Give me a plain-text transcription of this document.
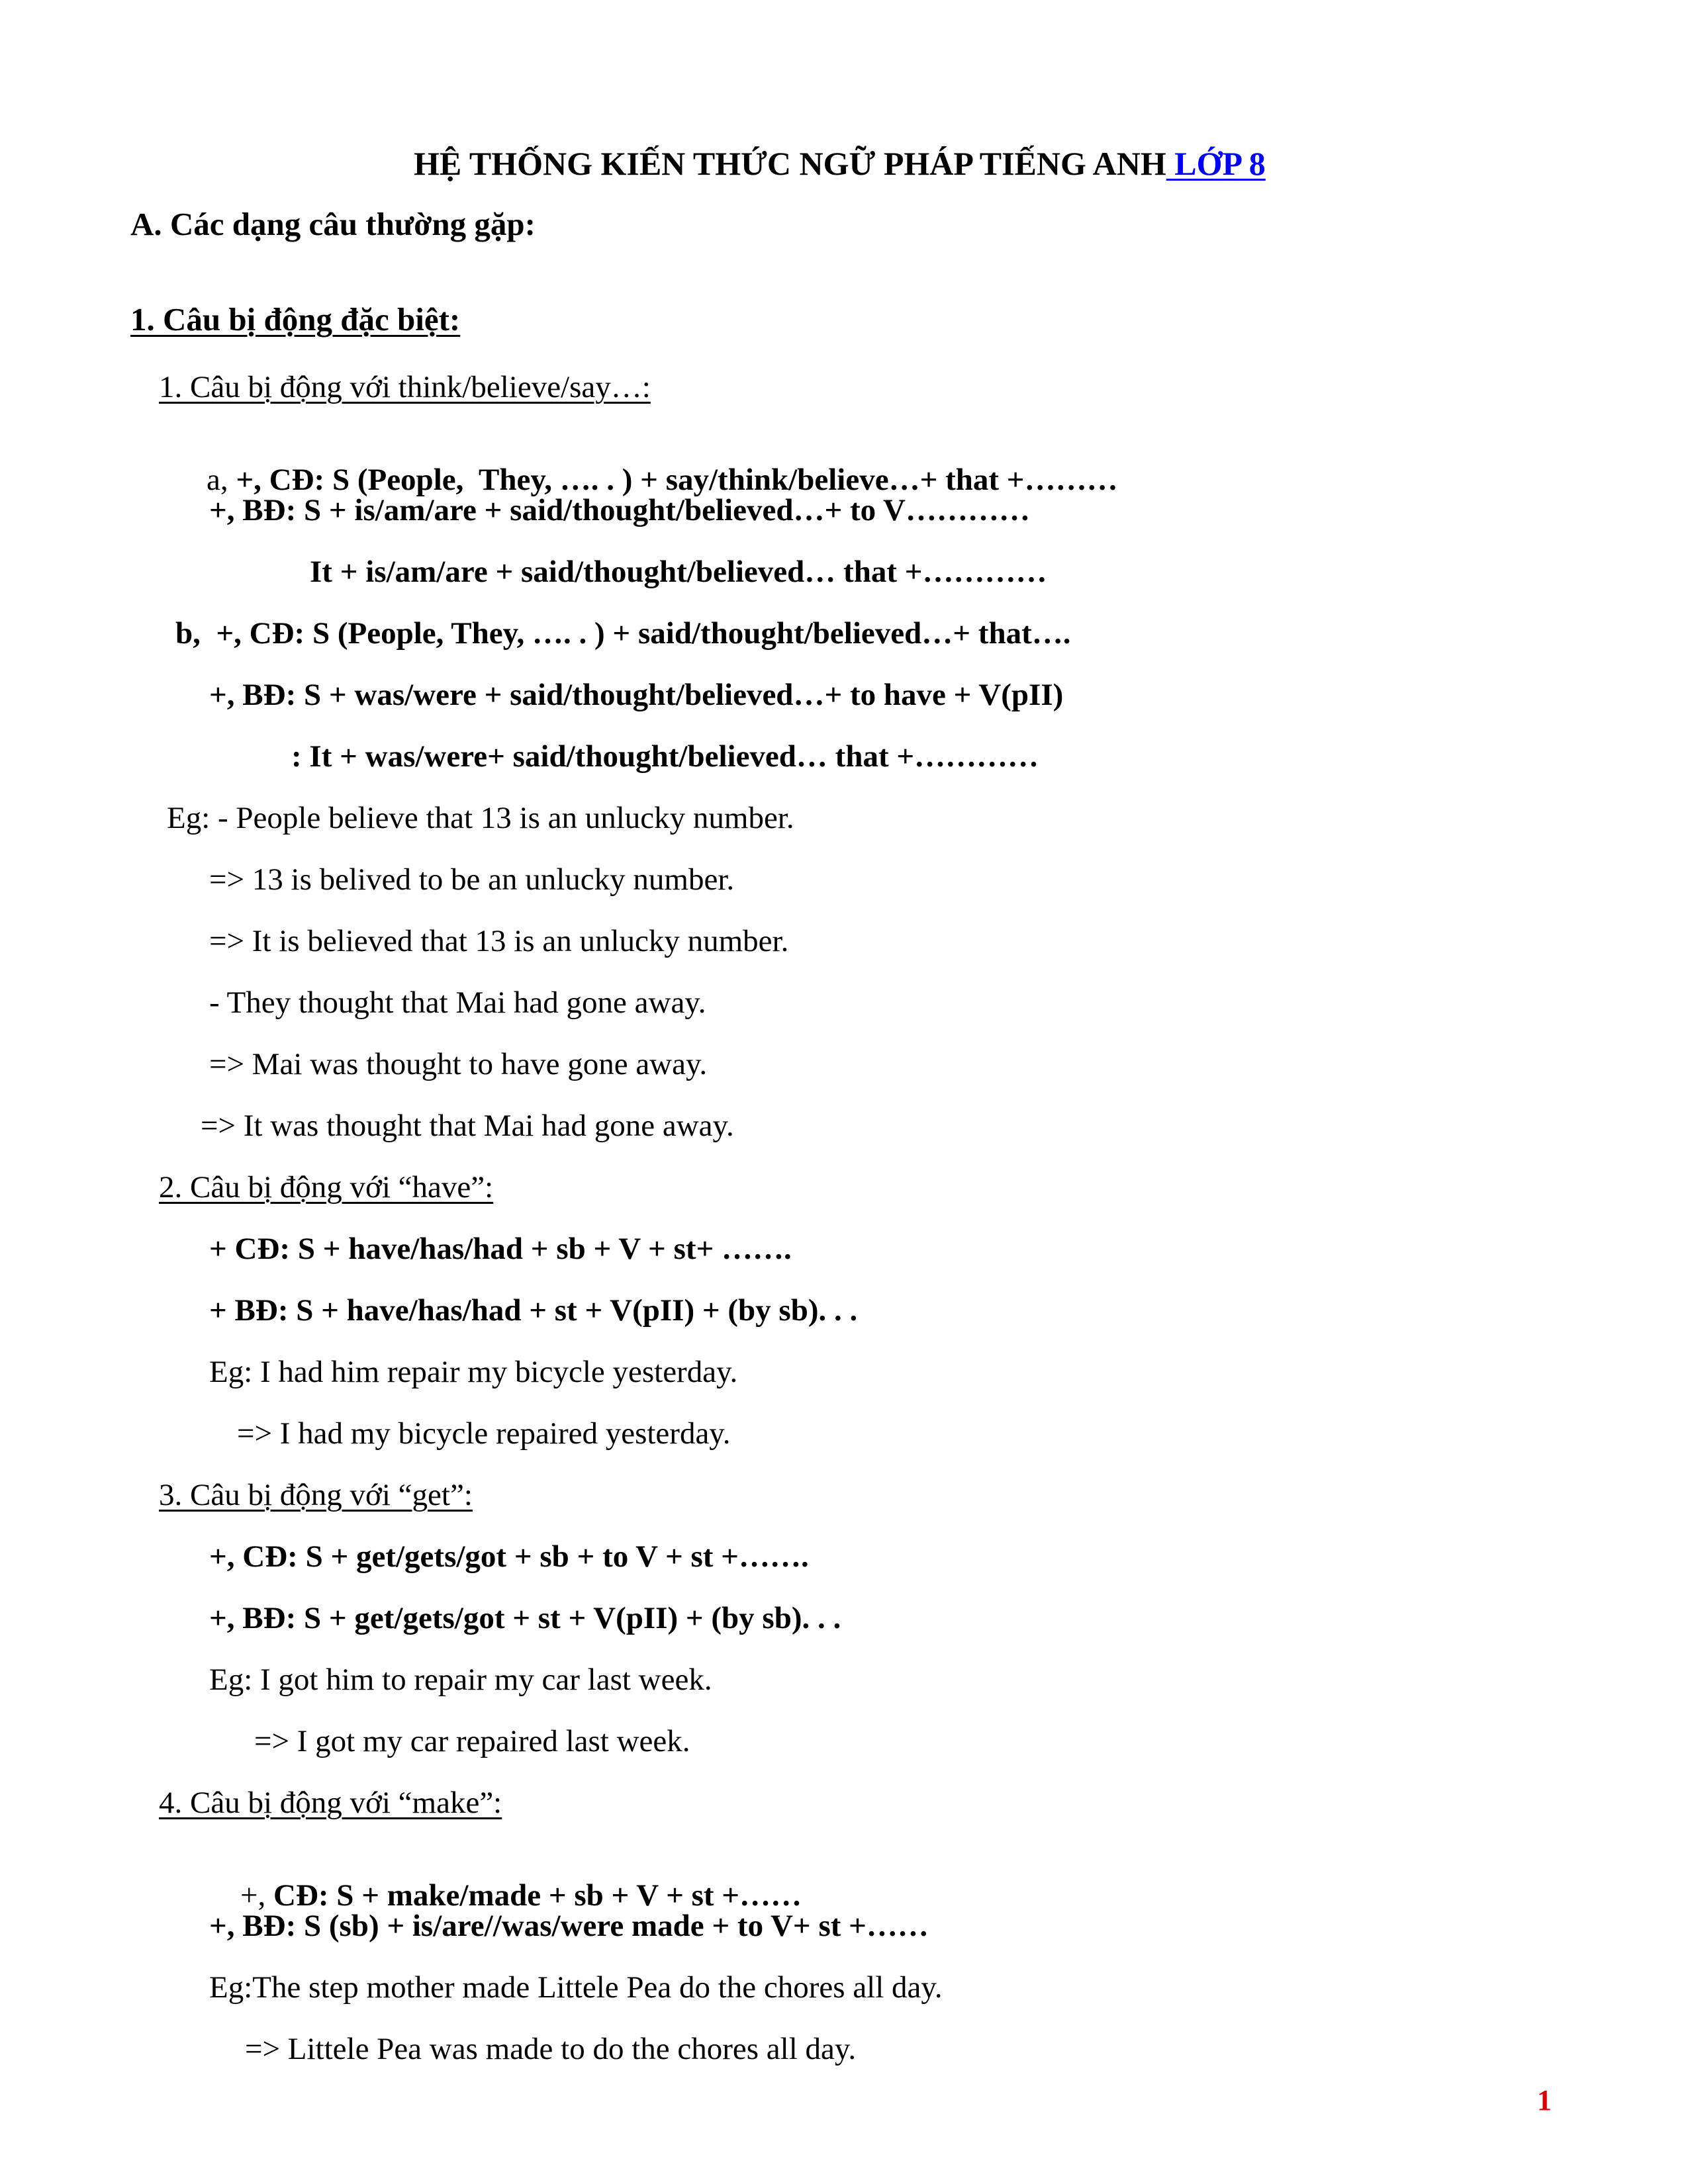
HỆ THỐNG KIẾN THỨC NGỮ PHÁP TIẾNG ANH LỚP 8

A. Các dạng câu thường gặp:
1. Câu bị động đặc biệt:
1. Câu bị động với think/believe/say…:

a, +, CĐ: S (People,  They, …. . ) + say/think/believe…+ that +………

+, BĐ: S + is/am/are + said/thought/believed…+ to V…………
It + is/am/are + said/thought/believed… that +…………
b,  +, CĐ: S (People, They, …. . ) + said/thought/believed…+ that….
+, BĐ: S + was/were + said/thought/believed…+ to have + V(pII)
: It + was/were+ said/thought/believed… that +…………
Eg: - People believe that 13 is an unlucky number.
=> 13 is belived to be an unlucky number.
=> It is believed that 13 is an unlucky number.
- They thought that Mai had gone away.
=> Mai was thought to have gone away.
=> It was thought that Mai had gone away.
2. Câu bị động với “have”:
+ CĐ: S + have/has/had + sb + V + st+ …….
+ BĐ: S + have/has/had + st + V(pII) + (by sb). . .
Eg: I had him repair my bicycle yesterday.
=> I had my bicycle repaired yesterday.
3. Câu bị động với “get”:
+, CĐ: S + get/gets/got + sb + to V + st +…….
+, BĐ: S + get/gets/got + st + V(pII) + (by sb). . .
Eg: I got him to repair my car last week.
=> I got my car repaired last week.
4. Câu bị động với “make”:

+, CĐ: S + make/made + sb + V + st +……

+, BĐ: S (sb) + is/are//was/were made + to V+ st +……
Eg:The step mother made Littele Pea do the chores all day.
=> Littele Pea was made to do the chores all day.
1
